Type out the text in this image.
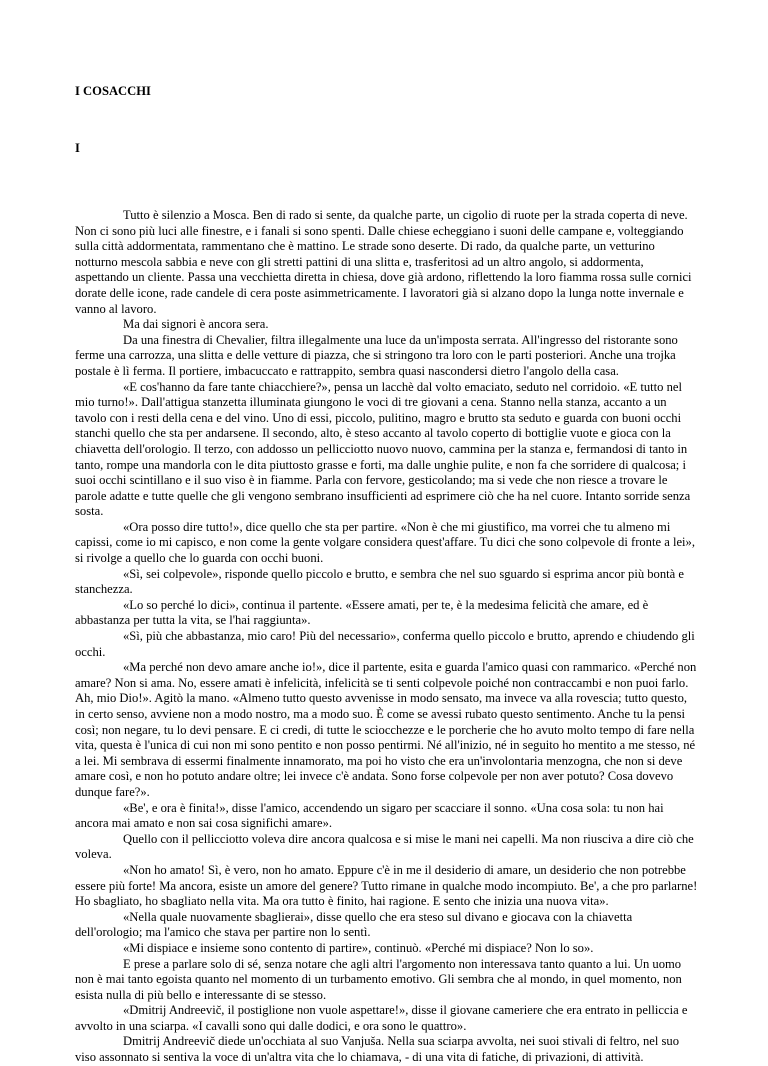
I COSACCHI
I

Tutto è silenzio a Mosca. Ben di rado si sente, da qualche parte, un cigolio di ruote per la strada coperta di neve. Non ci sono più luci alle finestre, e i fanali si sono spenti. Dalle chiese echeggiano i suoni delle campane e, volteggiando sulla città addormentata, rammentano che è mattino. Le strade sono deserte. Di rado, da qualche parte, un vetturino notturno mescola sabbia e neve con gli stretti pattini di una slitta e, trasferitosi ad un altro angolo, si addormenta, aspettando un cliente. Passa una vecchietta diretta in chiesa, dove già ardono, riflettendo la loro fiamma rossa sulle cornici dorate delle icone, rade candele di cera poste asimmetricamente. I lavoratori già si alzano dopo la lunga notte invernale e vanno al lavoro.

Ma dai signori è ancora sera.

Da una finestra di Chevalier, filtra illegalmente una luce da un'imposta serrata. All'ingresso del ristorante sono ferme una carrozza, una slitta e delle vetture di piazza, che si stringono tra loro con le parti posteriori. Anche una trojka postale è lì ferma. Il portiere, imbacuccato e rattrappito, sembra quasi nascondersi dietro l'angolo della casa.

«E cos'hanno da fare tante chiacchiere?», pensa un lacchè dal volto emaciato, seduto nel corridoio. «E tutto nel mio turno!». Dall'attigua stanzetta illuminata giungono le voci di tre giovani a cena. Stanno nella stanza, accanto a un tavolo con i resti della cena e del vino. Uno di essi, piccolo, pulitino, magro e brutto sta seduto e guarda con buoni occhi stanchi quello che sta per andarsene. Il secondo, alto, è steso accanto al tavolo coperto di bottiglie vuote e gioca con la chiavetta dell'orologio. Il terzo, con addosso un pellicciotto nuovo nuovo, cammina per la stanza e, fermandosi di tanto in tanto, rompe una mandorla con le dita piuttosto grasse e forti, ma dalle unghie pulite, e non fa che sorridere di qualcosa; i suoi occhi scintillano e il suo viso è in fiamme. Parla con fervore, gesticolando; ma si vede che non riesce a trovare le parole adatte e tutte quelle che gli vengono sembrano insufficienti ad esprimere ciò che ha nel cuore. Intanto sorride senza sosta.

«Ora posso dire tutto!», dice quello che sta per partire. «Non è che mi giustifico, ma vorrei che tu almeno mi capissi, come io mi capisco, e non come la gente volgare considera quest'affare. Tu dici che sono colpevole di fronte a lei», si rivolge a quello che lo guarda con occhi buoni.

«Sì, sei colpevole», risponde quello piccolo e brutto, e sembra che nel suo sguardo si esprima ancor più bontà e stanchezza.

«Lo so perché lo dici», continua il partente. «Essere amati, per te, è la medesima felicità che amare, ed è abbastanza per tutta la vita, se l'hai raggiunta».

«Sì, più che abbastanza, mio caro! Più del necessario», conferma quello piccolo e brutto, aprendo e chiudendo gli occhi.

«Ma perché non devo amare anche io!», dice il partente, esita e guarda l'amico quasi con rammarico. «Perché non amare? Non si ama. No, essere amati è infelicità, infelicità se ti senti colpevole poiché non contraccambi e non puoi farlo. Ah, mio Dio!». Agitò la mano. «Almeno tutto questo avvenisse in modo sensato, ma invece va alla rovescia; tutto questo, in certo senso, avviene non a modo nostro, ma a modo suo. È come se avessi rubato questo sentimento. Anche tu la pensi così; non negare, tu lo devi pensare. E ci credi, di tutte le sciocchezze e le porcherie che ho avuto molto tempo di fare nella vita, questa è l'unica di cui non mi sono pentito e non posso pentirmi. Né all'inizio, né in seguito ho mentito a me stesso, né a lei. Mi sembrava di essermi finalmente innamorato, ma poi ho visto che era un'involontaria menzogna, che non si deve amare così, e non ho potuto andare oltre; lei invece c'è andata. Sono forse colpevole per non aver potuto? Cosa dovevo dunque fare?».

«Be', e ora è finita!», disse l'amico, accendendo un sigaro per scacciare il sonno. «Una cosa sola: tu non hai ancora mai amato e non sai cosa significhi amare».

Quello con il pellicciotto voleva dire ancora qualcosa e si mise le mani nei capelli. Ma non riusciva a dire ciò che voleva.

«Non ho amato! Sì, è vero, non ho amato. Eppure c'è in me il desiderio di amare, un desiderio che non potrebbe essere più forte! Ma ancora, esiste un amore del genere? Tutto rimane in qualche modo incompiuto. Be', a che pro parlarne! Ho sbagliato, ho sbagliato nella vita. Ma ora tutto è finito, hai ragione. E sento che inizia una nuova vita».

«Nella quale nuovamente sbaglierai», disse quello che era steso sul divano e giocava con la chiavetta dell'orologio; ma l'amico che stava per partire non lo sentì.

«Mi dispiace e insieme sono contento di partire», continuò. «Perché mi dispiace? Non lo so».

E prese a parlare solo di sé, senza notare che agli altri l'argomento non interessava tanto quanto a lui. Un uomo non è mai tanto egoista quanto nel momento di un turbamento emotivo. Gli sembra che al mondo, in quel momento, non esista nulla di più bello e interessante di se stesso.

«Dmitrij Andreevič, il postiglione non vuole aspettare!», disse il giovane cameriere che era entrato in pelliccia e avvolto in una sciarpa. «I cavalli sono qui dalle dodici, e ora sono le quattro».

Dmitrij Andreevič diede un'occhiata al suo Vanjuša. Nella sua sciarpa avvolta, nei suoi stivali di feltro, nel suo viso assonnato si sentiva la voce di un'altra vita che lo chiamava, - di una vita di fatiche, di privazioni, di attività.
